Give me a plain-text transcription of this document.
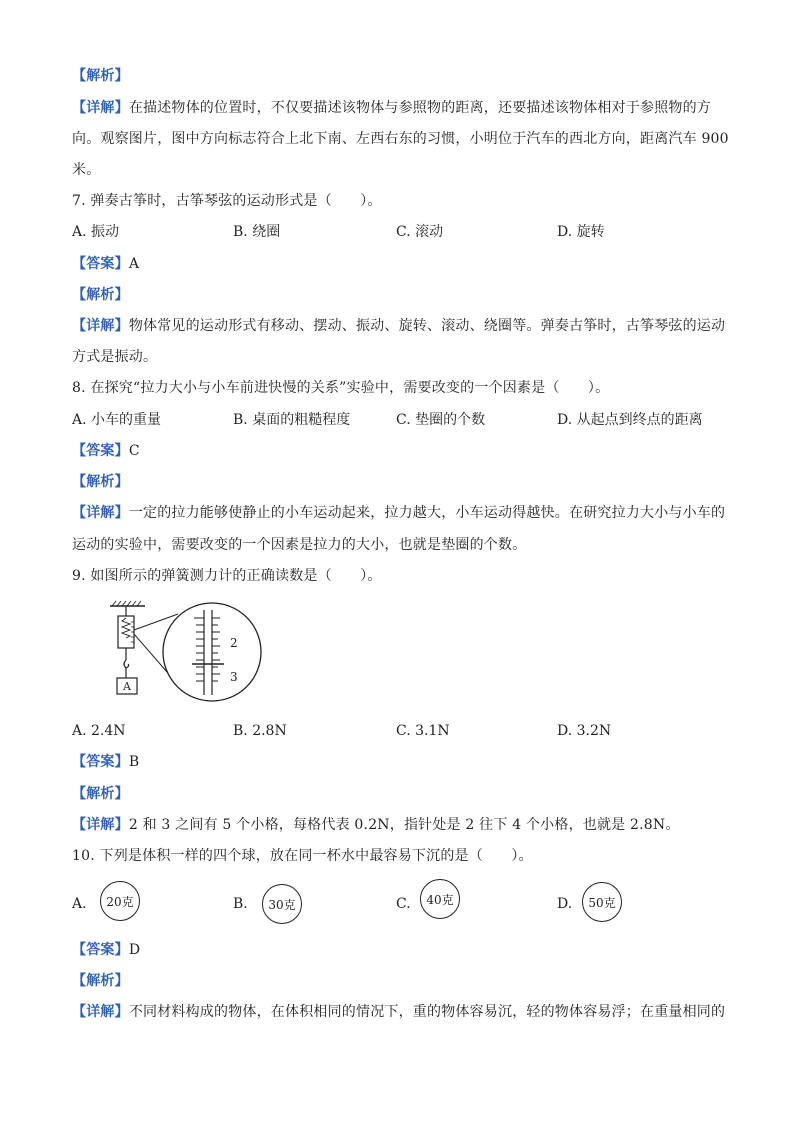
【解析】
【详解】在描述物体的位置时，不仅要描述该物体与参照物的距离，还要描述该物体相对于参照物的方
向。观察图片，图中方向标志符合上北下南、左西右东的习惯，小明位于汽车的西北方向，距离汽车 900
米。
7. 弹奏古筝时，古筝琴弦的运动形式是（　　）。
A. 振动	B. 绕圈	C. 滚动	D. 旋转
【答案】A
【解析】
【详解】物体常见的运动形式有移动、摆动、振动、旋转、滚动、绕圈等。弹奏古筝时，古筝琴弦的运动
方式是振动。
8. 在探究“拉力大小与小车前进快慢的关系”实验中，需要改变的一个因素是（　　）。
A. 小车的重量	B. 桌面的粗糙程度	C. 垫圈的个数	D. 从起点到终点的距离
【答案】C
【解析】
【详解】一定的拉力能够使静止的小车运动起来，拉力越大，小车运动得越快。在研究拉力大小与小车的
运动的实验中，需要改变的一个因素是拉力的大小，也就是垫圈的个数。
9. 如图所示的弹簧测力计的正确读数是（　　）。
A
2
3
A. 2.4N	B. 2.8N	C. 3.1N	D. 3.2N
【答案】B
【解析】
【详解】2 和 3 之间有 5 个小格，每格代表 0.2N，指针处是 2 往下 4 个小格，也就是 2.8N。
10. 下列是体积一样的四个球，放在同一杯水中最容易下沉的是（　　）。
A. 20克	B. 30克	C. 40克	D. 50克
【答案】D
【解析】
【详解】不同材料构成的物体，在体积相同的情况下，重的物体容易沉，轻的物体容易浮；在重量相同的
